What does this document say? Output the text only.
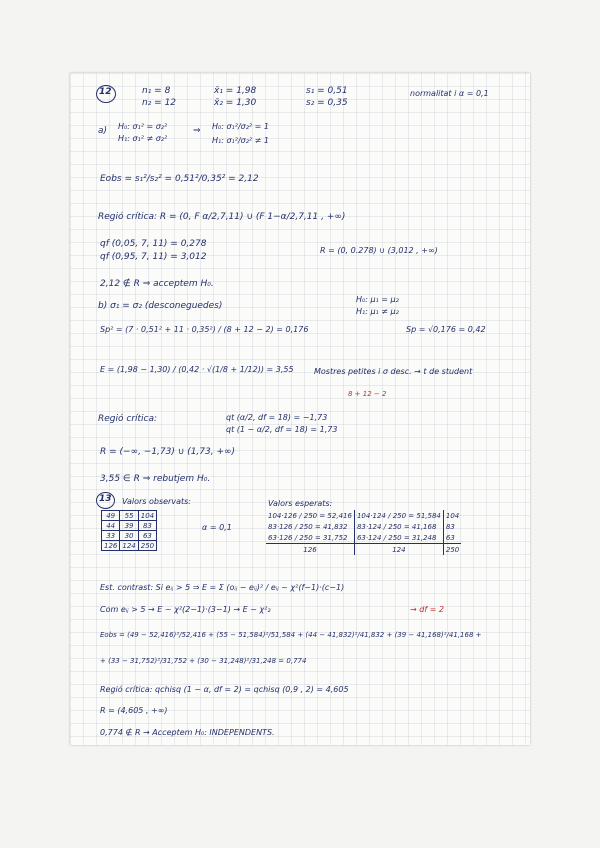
12	n₁ = 8
n₂ = 12
x̄₁ = 1,98
x̄₂ = 1,30
s₁ = 0,51
s₂ = 0,35
normalitat i α = 0,1
a) H₀: σ₁² = σ₂²
H₁: σ₁² ≠ σ₂²
⇒ H₀: σ₁²/σ₂² = 1
H₁: σ₁²/σ₂² ≠ 1
Eobs = s₁²/s₂² = 0,51²/0,35² = 2,12
Regió crítica: R = (0, F α/2,7,11) ∪ (F 1−α/2,7,11 , +∞)
qf (0,05, 7, 11) = 0,278
qf (0,95, 7, 11) = 3,012
R = (0, 0.278) ∪ (3,012 , +∞)
2,12 ∉ R ⇒ acceptem H₀.
b) σ₁ = σ₂ (desconeguedes)
H₀: μ₁ = μ₂
H₁: μ₁ ≠ μ₂
Sp² = (7 · 0,51² + 11 · 0,35²) / (8 + 12 − 2) = 0,176	Sp = √0,176 = 0,42
E = (1,98 − 1,30) / (0,42 · √(1/8 + 1/12)) = 3,55	Mostres petites i σ desc. → t de student
8 + 12 − 2
Regió crítica:	qt (α/2, df = 18) = −1,73
qt (1 − α/2, df = 18) = 1,73
R = (−∞, −1,73) ∪ (1,73, +∞)
3,55 ∈ R ⇒ rebutjem H₀.
13 Valors observats:	Valors esperats:
49	55	104
44	39	83
33	30	63
126	124	250
α = 0,1
104·126 / 250 = 52,416	104·124 / 250 = 51,584	104
83·126 / 250 = 41,832	83·124 / 250 = 41,168	83
63·126 / 250 = 31,752	63·124 / 250 = 31,248	63
126	124	250
Est. contrast: Si eᵢⱼ > 5 ⇒ E = Σ (oᵢⱼ − eᵢⱼ)² / eᵢⱼ ~ χ²(f−1)·(c−1)
Com eᵢⱼ > 5 → E ~ χ²(2−1)·(3−1) → E ~ χ²₂	→ df = 2
Eobs = (49 − 52,416)²/52,416 + (55 − 51,584)²/51,584 + (44 − 41,832)²/41,832 + (39 − 41,168)²/41,168 +
+ (33 − 31,752)²/31,752 + (30 − 31,248)²/31,248 = 0,774
Regió crítica: qchisq (1 − α, df = 2) = qchisq (0,9 , 2) = 4,605
R = (4,605 , +∞)
0,774 ∉ R → Acceptem H₀: INDEPENDENTS.
